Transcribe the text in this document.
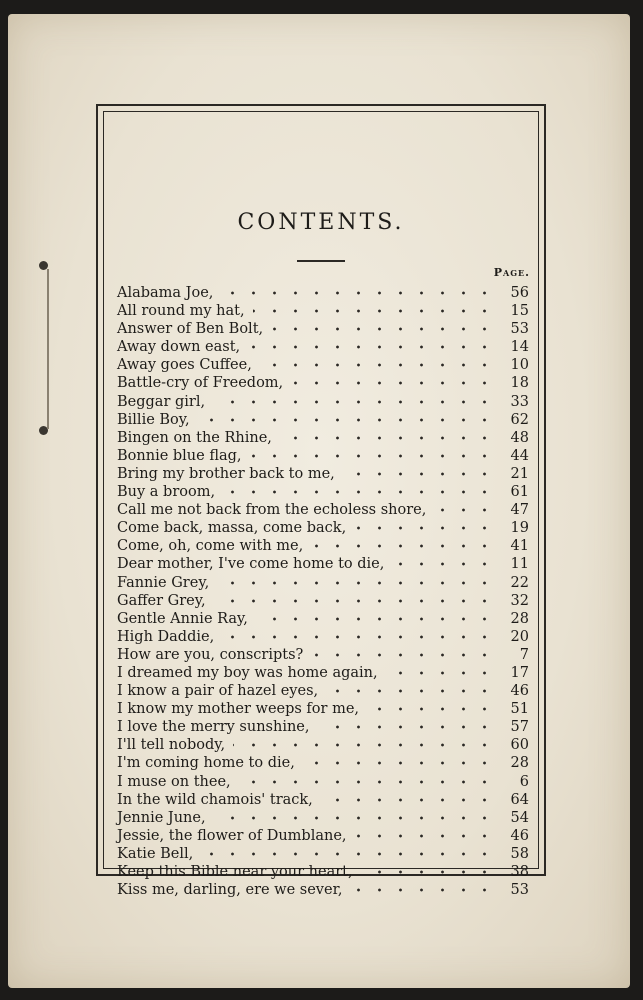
CONTENTS.
Page.
Alabama Joe,	56
All round my hat,	15
Answer of Ben Bolt,	53
Away down east,	14
Away goes Cuffee,	10
Battle-cry of Freedom,	18
Beggar girl,	33
Billie Boy,	62
Bingen on the Rhine,	48
Bonnie blue flag,	44
Bring my brother back to me,	21
Buy a broom,	61
Call me not back from the echoless shore,	47
Come back, massa, come back,	19
Come, oh, come with me,	41
Dear mother, I've come home to die,	11
Fannie Grey,	22
Gaffer Grey,	32
Gentle Annie Ray,	28
High Daddie,	20
How are you, conscripts?	7
I dreamed my boy was home again,	17
I know a pair of hazel eyes,	46
I know my mother weeps for me,	51
I love the merry sunshine,	57
I'll tell nobody,	60
I'm coming home to die,	28
I muse on thee,	6
In the wild chamois' track,	64
Jennie June,	54
Jessie, the flower of Dumblane,	46
Katie Bell,	58
Keep this Bible near your heart,	38
Kiss me, darling, ere we sever,	53
